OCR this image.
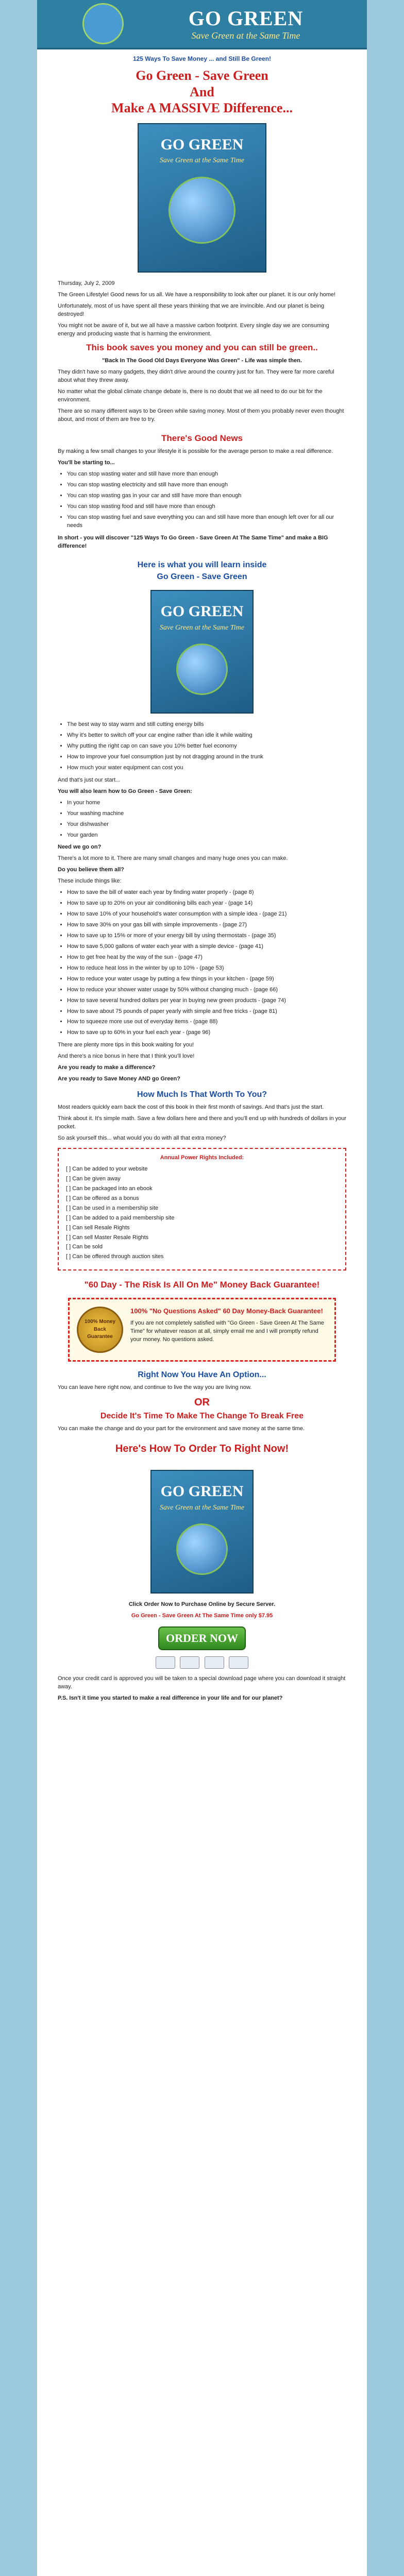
GO GREEN
Save Green at the Same Time
125 Ways To Save Money ... and Still Be Green!
Go Green - Save Green
And
Make A MASSIVE Difference...
GO GREEN
Save Green at the Same Time

Thursday, July 2, 2009

The Green Lifestyle! Good news for us all. We have a responsibility to look after our planet. It is our only home!

Unfortunately, most of us have spent all these years thinking that we are invincible. And our planet is being destroyed!

You might not be aware of it, but we all have a massive carbon footprint. Every single day we are consuming energy and producing waste that is harming the environment.

This book saves you money and you can still be green..

"Back In The Good Old Days Everyone Was Green" - Life was simple then.

They didn't have so many gadgets, they didn't drive around the country just for fun. They were far more careful about what they threw away.

No matter what the global climate change debate is, there is no doubt that we all need to do our bit for the environment.

There are so many different ways to be Green while saving money. Most of them you probably never even thought about, and most of them are free to try.

There's Good News

By making a few small changes to your lifestyle it is possible for the average person to make a real difference.

You'll be starting to...

• You can stop wasting water and still have more than enough
• You can stop wasting electricity and still have more than enough
• You can stop wasting gas in your car and still have more than enough
• You can stop wasting food and still have more than enough
• You can stop wasting fuel and save everything you can and still have more than enough left over for all our needs

In short - you will discover "125 Ways To Go Green - Save Green At The Same Time" and make a BIG difference!

Here is what you will learn inside
Go Green - Save Green
GO GREEN
Save Green at the Same Time
• The best way to stay warm and still cutting energy bills
• Why it's better to switch off your car engine rather than idle it while waiting
• Why putting the right cap on can save you 10% better fuel economy
• How to improve your fuel consumption just by not dragging around in the trunk
• How much your water equipment can cost you

And that's just our start...

You will also learn how to Go Green - Save Green:

• In your home
• Your washing machine
• Your dishwasher
• Your garden

Need we go on?

There's a lot more to it. There are many small changes and many huge ones you can make.

Do you believe them all?

These include things like:

• How to save the bill of water each year by finding water properly - (page 8)
• How to save up to 20% on your air conditioning bills each year - (page 14)
• How to save 10% of your household's water consumption with a simple idea - (page 21)
• How to save 30% on your gas bill with simple improvements - (page 27)
• How to save up to 15% or more of your energy bill by using thermostats - (page 35)
• How to save 5,000 gallons of water each year with a simple device - (page 41)
• How to get free heat by the way of the sun - (page 47)
• How to reduce heat loss in the winter by up to 10% - (page 53)
• How to reduce your water usage by putting a few things in your kitchen - (page 59)
• How to reduce your shower water usage by 50% without changing much - (page 66)
• How to save several hundred dollars per year in buying new green products - (page 74)
• How to save about 75 pounds of paper yearly with simple and free tricks - (page 81)
• How to squeeze more use out of everyday items - (page 88)
• How to save up to 60% in your fuel each year - (page 96)

There are plenty more tips in this book waiting for you!

And there's a nice bonus in here that I think you'll love!

Are you ready to make a difference?

Are you ready to Save Money AND go Green?

How Much Is That Worth To You?

Most readers quickly earn back the cost of this book in their first month of savings. And that's just the start.

Think about it. It's simple math. Save a few dollars here and there and you'll end up with hundreds of dollars in your pocket.

So ask yourself this... what would you do with all that extra money?

Annual Power Rights Included:
[ ] Can be added to your website
[ ] Can be given away
[ ] Can be packaged into an ebook
[ ] Can be offered as a bonus
[ ] Can be used in a membership site
[ ] Can be added to a paid membership site
[ ] Can sell Resale Rights
[ ] Can sell Master Resale Rights
[ ] Can be sold
[ ] Can be offered through auction sites
"60 Day - The Risk Is All On Me" Money Back Guarantee!
100% Money Back Guarantee
100% "No Questions Asked" 60 Day Money-Back Guarantee!

If you are not completely satisfied with "Go Green - Save Green At The Same Time" for whatever reason at all, simply email me and I will promptly refund your money. No questions asked.

Right Now You Have An Option...

You can leave here right now, and continue to live the way you are living now.

OR
Decide It's Time To Make The Change To Break Free

You can make the change and do your part for the environment and save money at the same time.

Here's How To Order To Right Now!
GO GREEN
Save Green at the Same Time

Click Order Now to Purchase Online by Secure Server.

Go Green - Save Green At The Same Time only $7.95

ORDER NOW

Once your credit card is approved you will be taken to a special download page where you can download it straight away.

P.S. Isn't it time you started to make a real difference in your life and for our planet?
